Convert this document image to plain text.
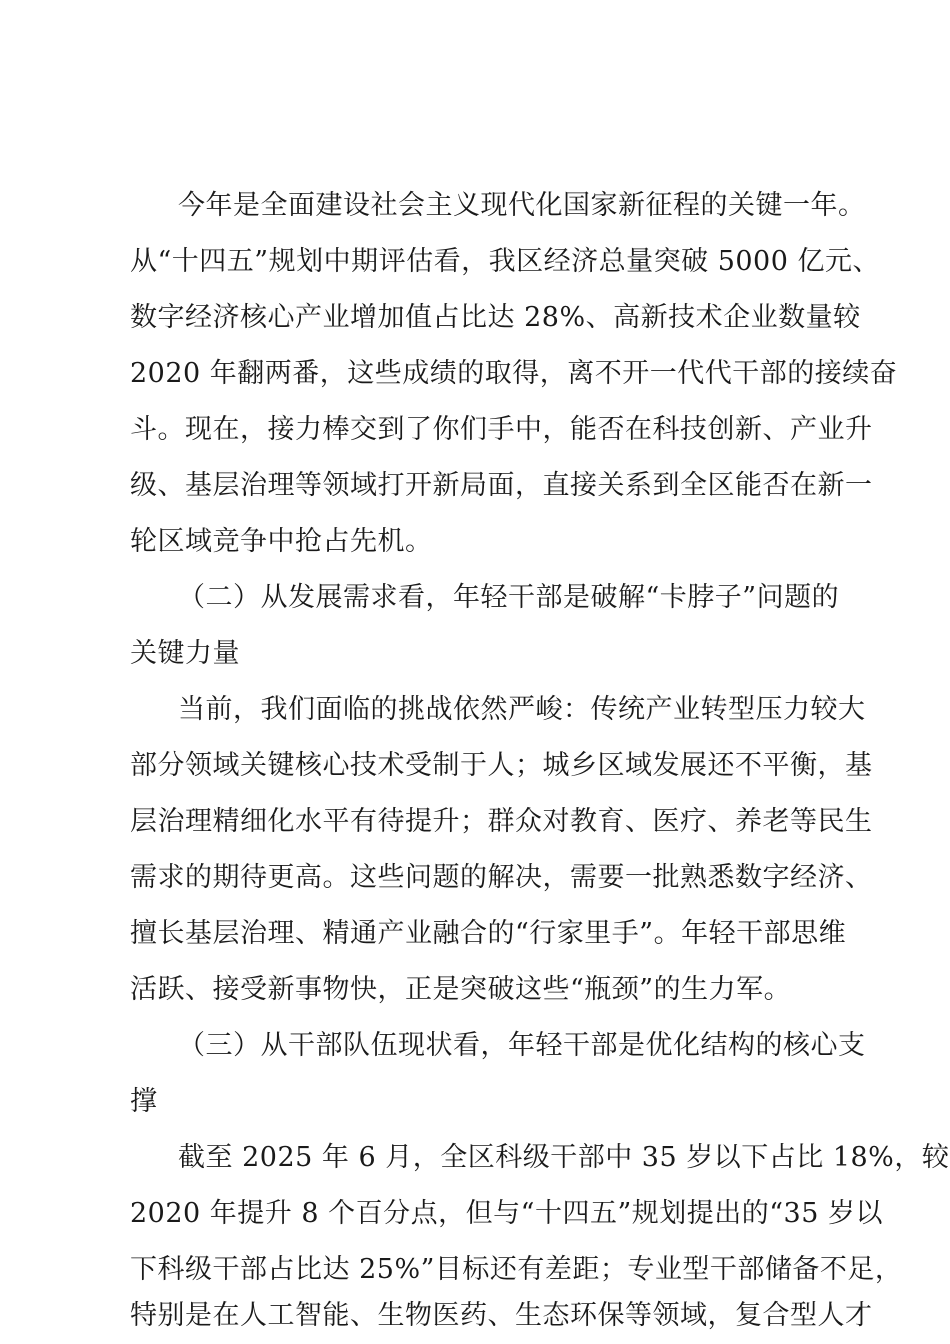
今年是全面建设社会主义现代化国家新征程的关键一年。
从“十四五”规划中期评估看，我区经济总量突破 5000 亿元、
数字经济核心产业增加值占比达 28%、高新技术企业数量较
2020 年翻两番，这些成绩的取得，离不开一代代干部的接续奋
斗。现在，接力棒交到了你们手中，能否在科技创新、产业升
级、基层治理等领域打开新局面，直接关系到全区能否在新一
轮区域竞争中抢占先机。
（二）从发展需求看，年轻干部是破解“卡脖子”问题的
关键力量
当前，我们面临的挑战依然严峻：传统产业转型压力较大
部分领域关键核心技术受制于人；城乡区域发展还不平衡，基
层治理精细化水平有待提升；群众对教育、医疗、养老等民生
需求的期待更高。这些问题的解决，需要一批熟悉数字经济、
擅长基层治理、精通产业融合的“行家里手”。年轻干部思维
活跃、接受新事物快，正是突破这些“瓶颈”的生力军。
（三）从干部队伍现状看，年轻干部是优化结构的核心支
撑
截至 2025 年 6 月，全区科级干部中 35 岁以下占比 18%，较
2020 年提升 8 个百分点，但与“十四五”规划提出的“35 岁以
下科级干部占比达 25%”目标还有差距；专业型干部储备不足，
特别是在人工智能、生物医药、生态环保等领域，复合型人才
